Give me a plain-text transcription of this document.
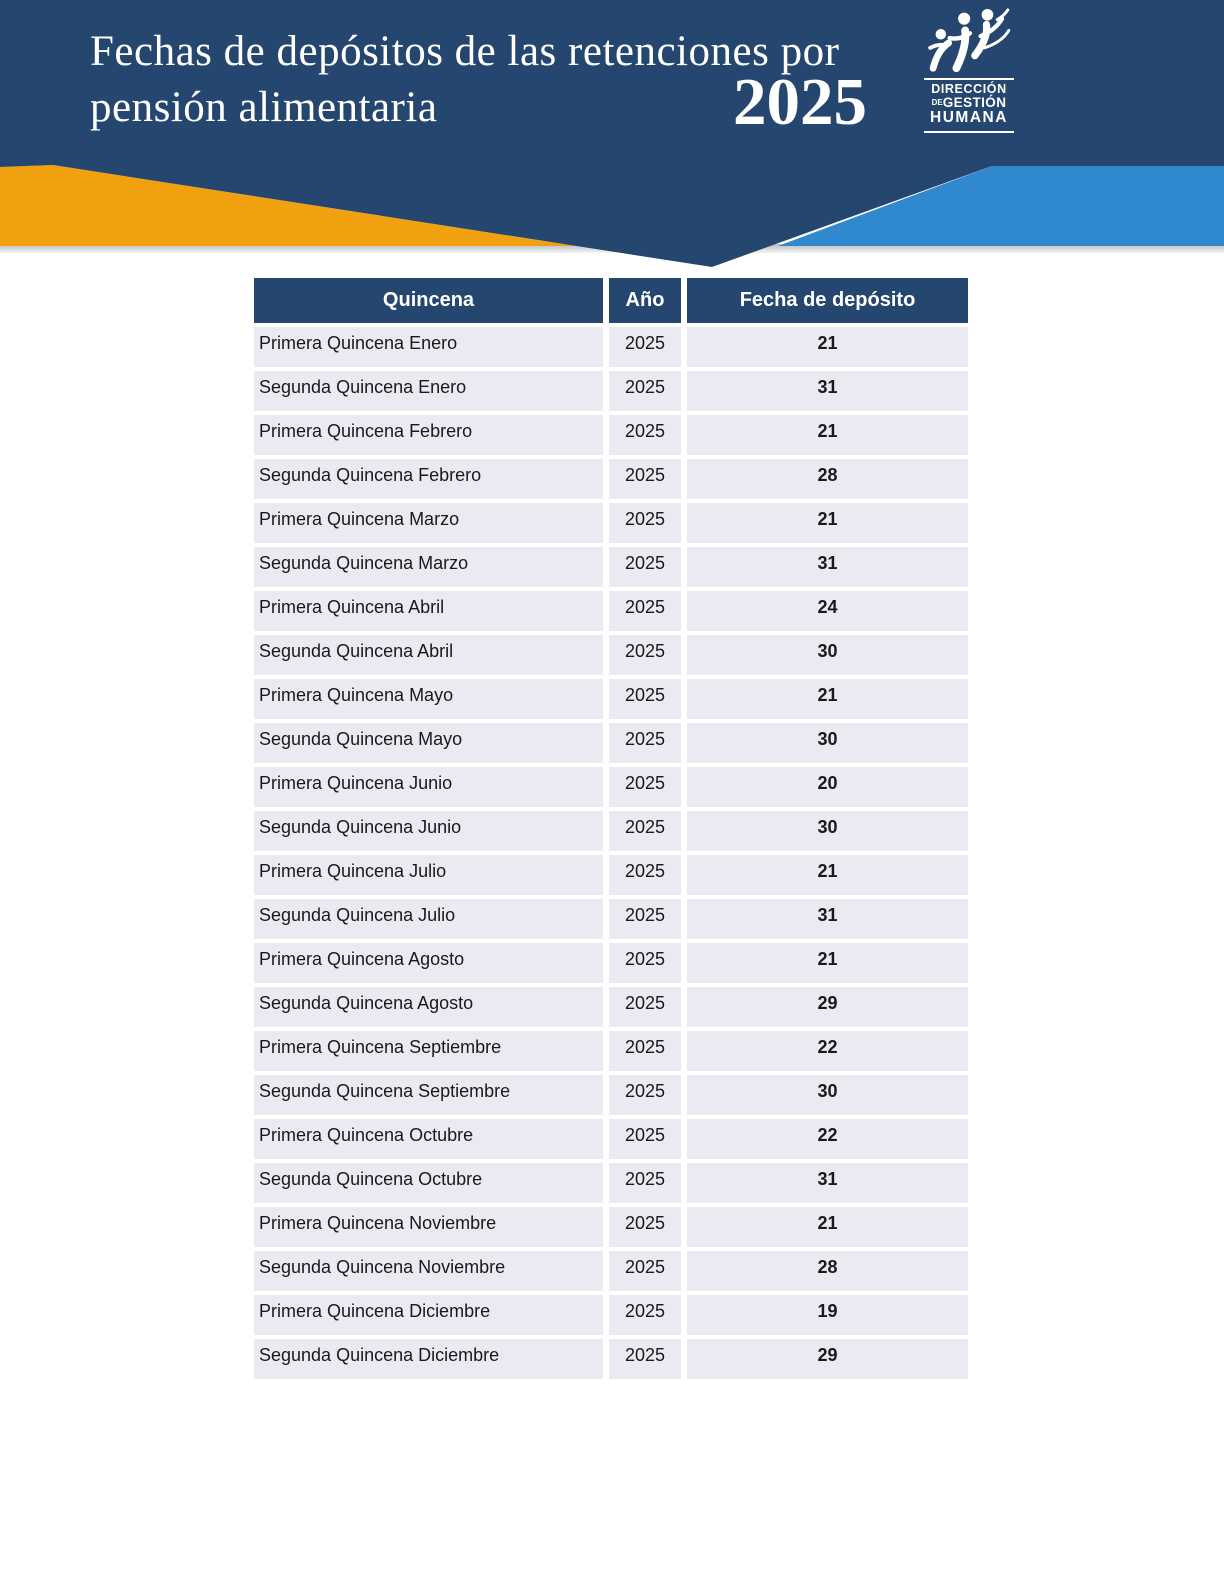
Fechas de depósitos de las retenciones por
pensión alimentaria	2025	DIRECCIÓN
DEGESTIÓN
HUMANA
Quincena	Año	Fecha de depósito
Primera Quincena Enero	2025	21
Segunda Quincena Enero	2025	31
Primera Quincena Febrero	2025	21
Segunda Quincena Febrero	2025	28
Primera Quincena Marzo	2025	21
Segunda Quincena Marzo	2025	31
Primera Quincena Abril	2025	24
Segunda Quincena Abril	2025	30
Primera Quincena Mayo	2025	21
Segunda Quincena Mayo	2025	30
Primera Quincena Junio	2025	20
Segunda Quincena Junio	2025	30
Primera Quincena Julio	2025	21
Segunda Quincena Julio	2025	31
Primera Quincena Agosto	2025	21
Segunda Quincena Agosto	2025	29
Primera Quincena Septiembre	2025	22
Segunda Quincena Septiembre	2025	30
Primera Quincena Octubre	2025	22
Segunda Quincena Octubre	2025	31
Primera Quincena Noviembre	2025	21
Segunda Quincena Noviembre	2025	28
Primera Quincena Diciembre	2025	19
Segunda Quincena Diciembre	2025	29
